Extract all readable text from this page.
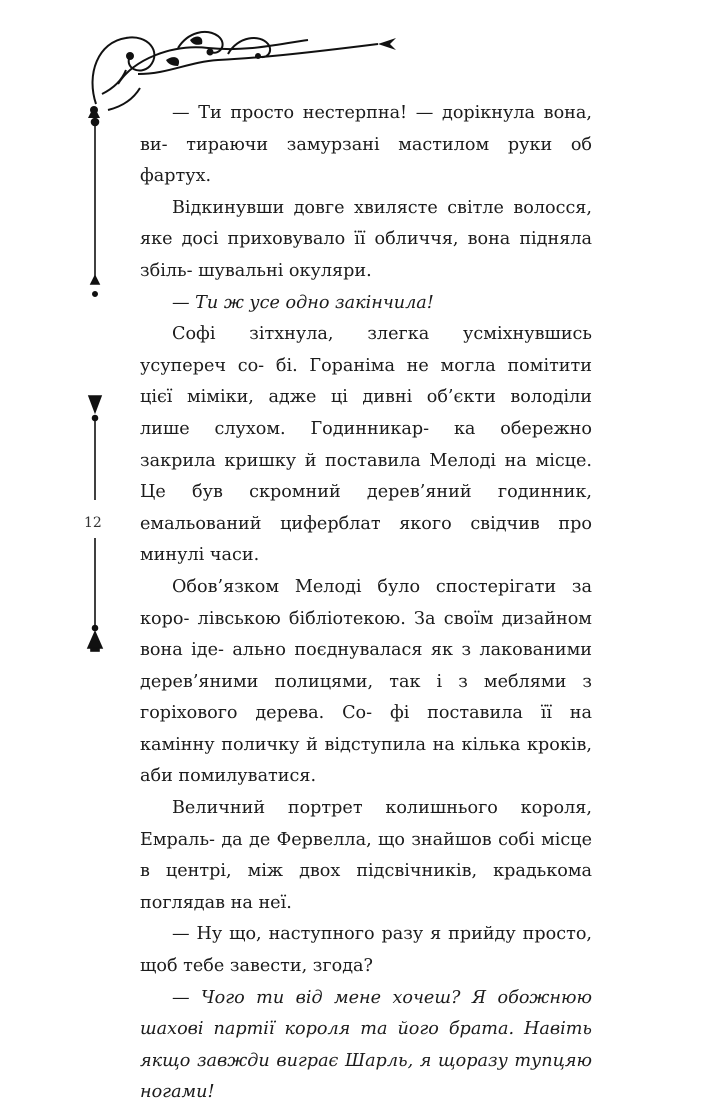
12

— Ти просто нестерпна! — дорікнула вона, ви- тираючи замурзані мастилом руки об фартух.

Відкинувши довге хвилясте світле волосся, яке досі приховувало її обличчя, вона підняла збіль- шувальні окуляри.

— Ти ж усе одно закінчила!

Софі зітхнула, злегка усміхнувшись усупереч со- бі. Гораніма не могла помітити цієї міміки, адже ці дивні об’єкти володіли лише слухом. Годинникар- ка обережно закрила кришку й поставила Мелоді на місце. Це був скромний дерев’яний годинник, емальований циферблат якого свідчив про минулі часи.

Обов’язком Мелоді було спостерігати за коро- лівською бібліотекою. За своїм дизайном вона іде- ально поєднувалася як з лакованими дерев’яними полицями, так і з меблями з горіхового дерева. Со- фі поставила її на камінну поличку й відступила на кілька кроків, аби помилуватися.

Величний портрет колишнього короля, Емраль- да де Фервелла, що знайшов собі місце в центрі, між двох підсвічників, крадькома поглядав на неї.

— Ну що, наступного разу я прийду просто, щоб тебе завести, згода?

— Чого ти від мене хочеш? Я обожнюю шахові партії короля та його брата. Навіть якщо завжди виграє Шарль, я щоразу тупцяю ногами!
